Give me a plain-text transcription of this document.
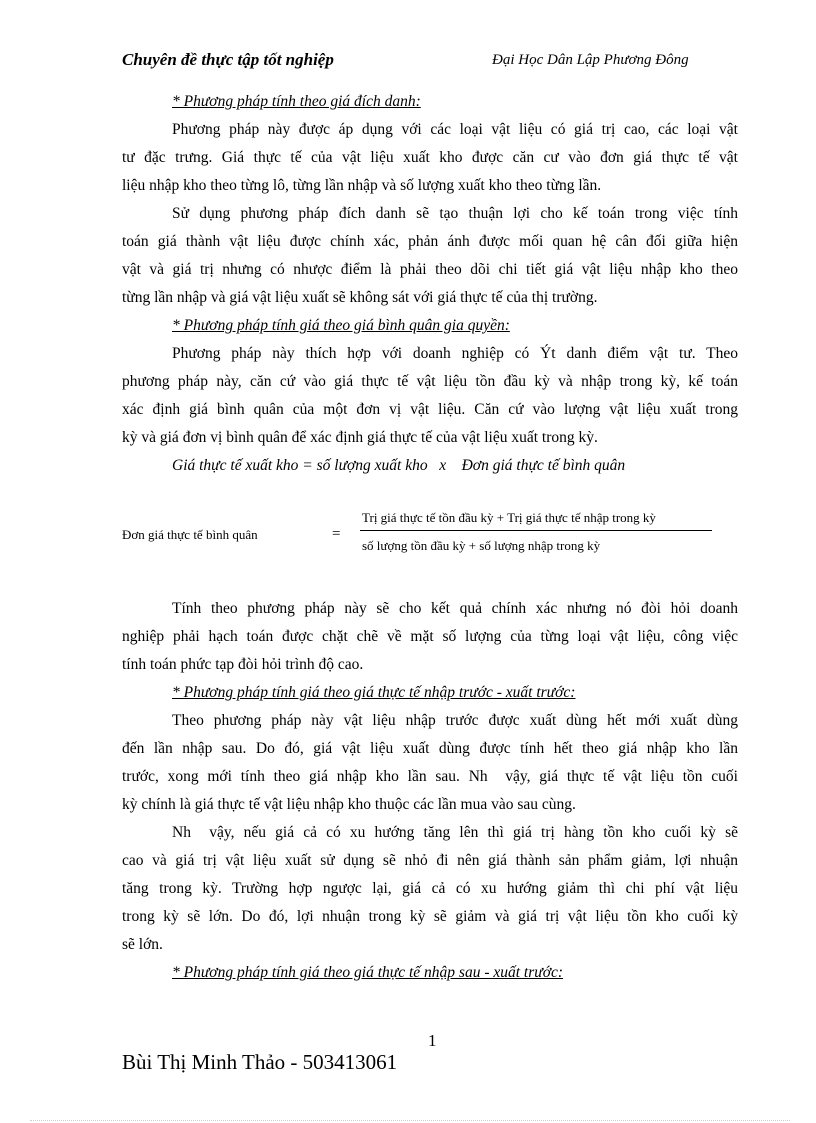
Chuyên đề thực tập tốt nghiệp	Đại Học Dân Lập Phương Đông
* Phương pháp tính theo giá đích danh:
Phương pháp này được áp dụng với các loại vật liệu có giá trị cao, các loại vật
tư đặc trưng. Giá thực tế của vật liệu xuất kho được căn cư vào đơn giá thực tế vật
liệu nhập kho theo từng lô, từng lần nhập và số lượng xuất kho theo từng lần.
Sử dụng phương pháp đích danh sẽ tạo thuận lợi cho kế toán trong việc tính
toán giá thành vật liệu được chính xác, phản ánh được mối quan hệ cân đối giữa hiện
vật và giá trị nhưng có nhược điểm là phải theo dõi chi tiết giá vật liệu nhập kho theo
từng lần nhập và giá vật liệu xuất sẽ không sát với giá thực tế của thị trường.
* Phương pháp tính giá theo giá bình quân gia quyền:
Phương pháp này thích hợp với doanh nghiệp có Ýt danh điểm vật tư. Theo
phương pháp này, căn cứ vào giá thực tế vật liệu tồn đầu kỳ và nhập trong kỳ, kế toán
xác định giá bình quân của một đơn vị vật liệu. Căn cứ vào lượng vật liệu xuất trong
kỳ và giá đơn vị bình quân để xác định giá thực tế của vật liệu xuất trong kỳ.
Giá thực tế xuất kho = số lượng xuất kho   x    Đơn giá thực tế bình quân
Đơn giá thực tế bình quân	=
Trị giá thực tế tồn đầu kỳ + Trị giá thực tế nhập trong kỳ
số lượng tồn đầu kỳ + số lượng nhập trong kỳ
Tính theo phương pháp này sẽ cho kết quả chính xác nhưng nó đòi hỏi doanh
nghiệp phải hạch toán được chặt chẽ về mặt số lượng của từng loại vật liệu, công việc
tính toán phức tạp đòi hỏi trình độ cao.
* Phương pháp tính giá theo giá thực tế nhập trước - xuất trước:
Theo phương pháp này vật liệu nhập trước được xuất dùng hết mới xuất dùng
đến lần nhập sau. Do đó, giá vật liệu xuất dùng được tính hết theo giá nhập kho lần
trước, xong mới tính theo giá nhập kho lần sau. Nh  vậy, giá thực tế vật liệu tồn cuối
kỳ chính là giá thực tế vật liệu nhập kho thuộc các lần mua vào sau cùng.
Nh  vậy, nếu giá cả có xu hướng tăng lên thì giá trị hàng tồn kho cuối kỳ sẽ
cao và giá trị vật liệu xuất sử dụng sẽ nhỏ đi nên giá thành sản phẩm giảm, lợi nhuận
tăng trong kỳ. Trường hợp ngược lại, giá cả có xu hướng giảm thì chi phí vật liệu
trong kỳ sẽ lớn. Do đó, lợi nhuận trong kỳ sẽ giảm và giá trị vật liệu tồn kho cuối kỳ
sẽ lớn.
* Phương pháp tính giá theo giá thực tế nhập sau - xuất trước:
1
Bùi Thị Minh Thảo - 503413061
